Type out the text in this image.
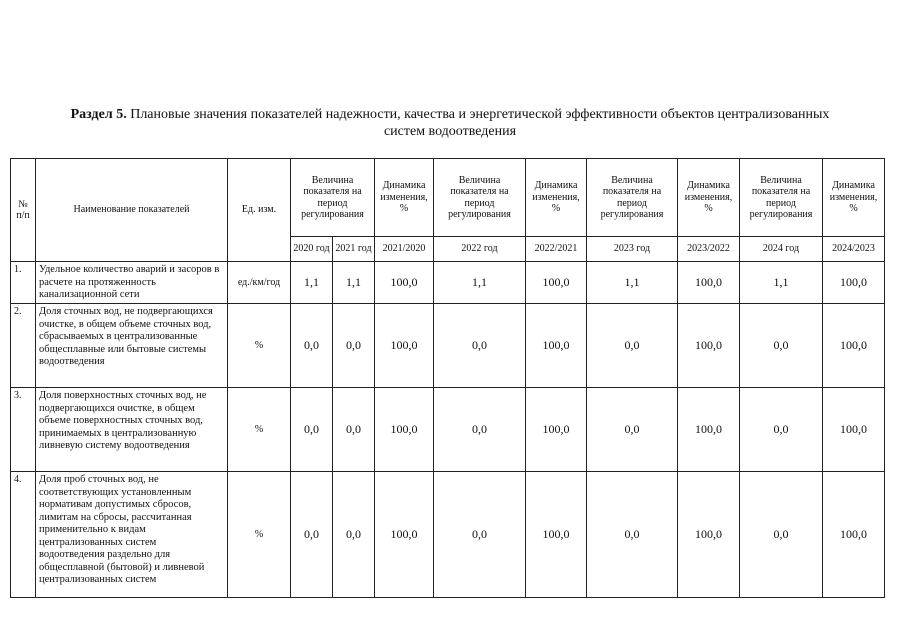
Раздел 5. Плановые значения показателей надежности, качества и энергетической эффективности объектов централизованных
систем водоотведения
№ п/п	Наименование показателей	Ед. изм.	Величина показателя на период регулирования		Динамика изменения, %	Величина показателя на период регулирования	Динамика изменения, %	Величина показателя на период регулирования	Динамика изменения, %	Величина показателя на период регулирования	Динамика изменения, %
			2020 год	2021 год	2021/2020	2022 год	2022/2021	2023 год	2023/2022	2024 год	2024/2023
1.	Удельное количество аварий и засоров в расчете на протяженность канализационной сети	ед./км/год	1,1	1,1	100,0	1,1	100,0	1,1	100,0	1,1	100,0
2.	Доля сточных вод, не подвергающихся очистке, в общем объеме сточных вод, сбрасываемых в централизованные общесплавные или бытовые системы водоотведения	%	0,0	0,0	100,0	0,0	100,0	0,0	100,0	0,0	100,0
3.	Доля поверхностных сточных вод, не подвергающихся очистке, в общем объеме поверхностных сточных вод, принимаемых в централизованную ливневую систему водоотведения	%	0,0	0,0	100,0	0,0	100,0	0,0	100,0	0,0	100,0
4.	Доля проб сточных вод, не соответствующих установленным нормативам допустимых сбросов, лимитам на сбросы, рассчитанная применительно к видам централизованных систем водоотведения раздельно для общесплавной (бытовой) и ливневой централизованных систем	%	0,0	0,0	100,0	0,0	100,0	0,0	100,0	0,0	100,0
